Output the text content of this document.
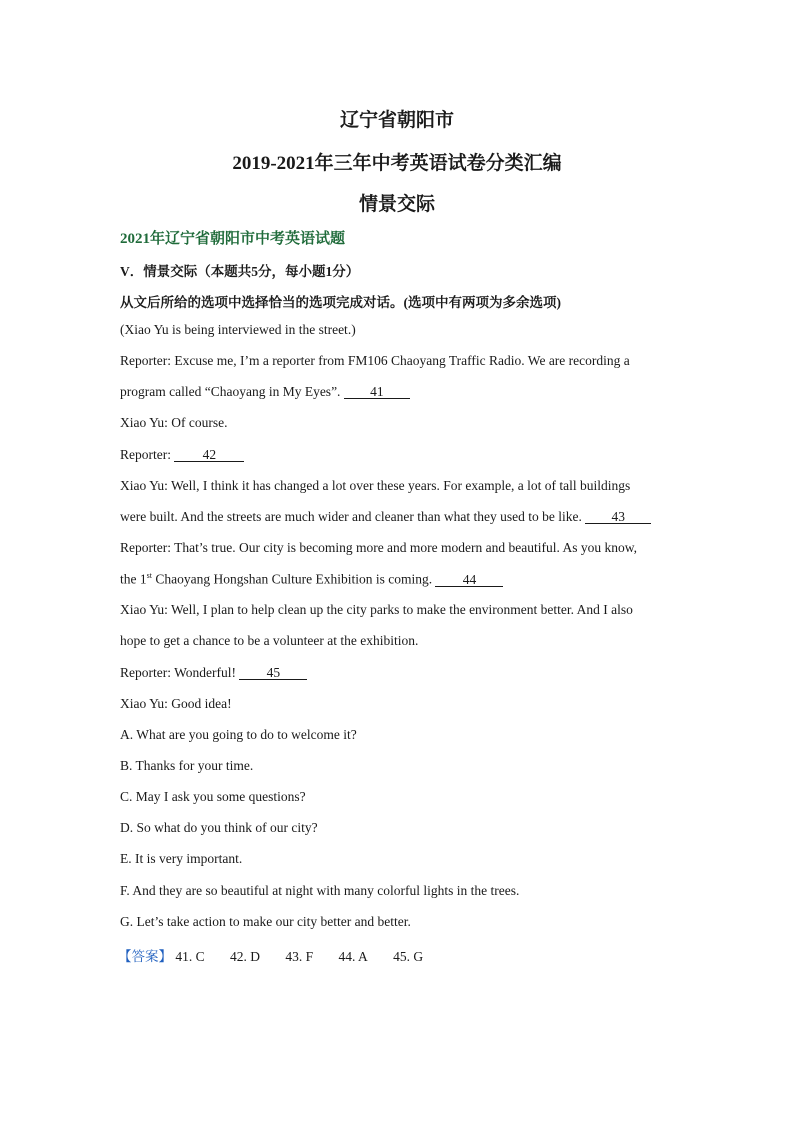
辽宁省朝阳市
2019-2021年三年中考英语试卷分类汇编
情景交际
2021年辽宁省朝阳市中考英语试题
V．情景交际（本题共5分，每小题1分）
从文后所给的选项中选择恰当的选项完成对话。(选项中有两项为多余选项)
(Xiao Yu is being interviewed in the street.)
Reporter: Excuse me, I’m a reporter from FM106 Chaoyang Traffic Radio. We are recording a
program called “Chaoyang in My Eyes”. 41
Xiao Yu: Of course.
Reporter: 42
Xiao Yu: Well, I think it has changed a lot over these years. For example, a lot of tall buildings
were built. And the streets are much wider and cleaner than what they used to be like. 43
Reporter: That’s true. Our city is becoming more and more modern and beautiful. As you know,
the 1st Chaoyang Hongshan Culture Exhibition is coming. 44
Xiao Yu: Well, I plan to help clean up the city parks to make the environment better. And I also
hope to get a chance to be a volunteer at the exhibition.
Reporter: Wonderful! 45
Xiao Yu: Good idea!
A. What are you going to do to welcome it?
B. Thanks for your time.
C. May I ask you some questions?
D. So what do you think of our city?
E. It is very important.
F. And they are so beautiful at night with many colorful lights in the trees.
G. Let’s take action to make our city better and better.
【答案】 41. C 42. D 43. F 44. A 45. G
